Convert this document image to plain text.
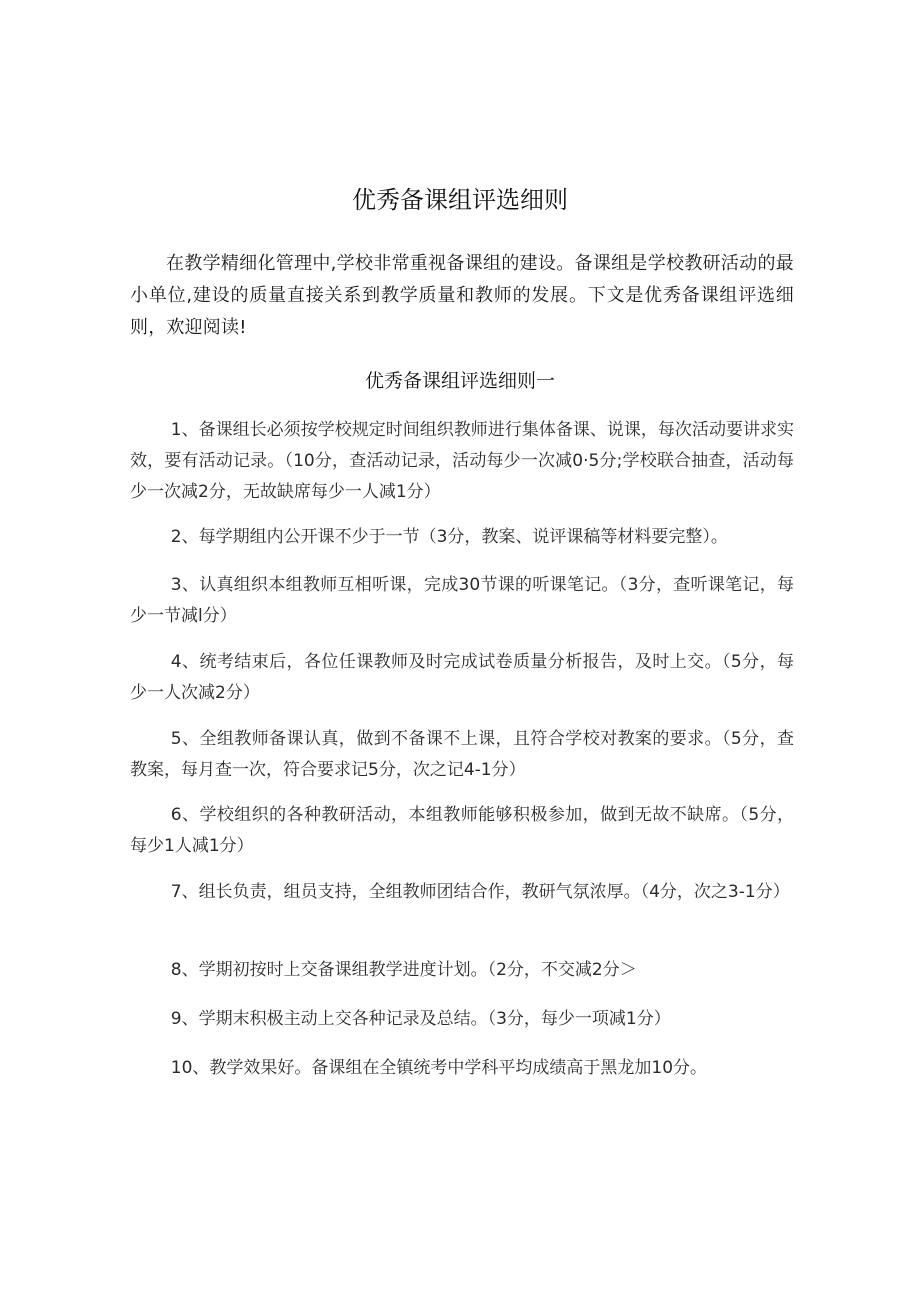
优秀备课组评选细则

在教学精细化管理中,学校非常重视备课组的建设。备课组是学校教研活动的最小单位,建设的质量直接关系到教学质量和教师的发展。下文是优秀备课组评选细则，欢迎阅读!

优秀备课组评选细则一

1、备课组长必须按学校规定时间组织教师进行集体备课、说课，每次活动要讲求实效，要有活动记录。（10分，查活动记录，活动每少一次减0·5分;学校联合抽查，活动每少一次减2分，无故缺席每少一人减1分）

2、每学期组内公开课不少于一节（3分，教案、说评课稿等材料要完整）。

3、认真组织本组教师互相听课，完成30节课的听课笔记。（3分，查听课笔记，每少一节减l分）

4、统考结束后，各位任课教师及时完成试卷质量分析报告，及时上交。（5分，每少一人次减2分）

5、全组教师备课认真，做到不备课不上课，且符合学校对教案的要求。（5分，查教案，每月查一次，符合要求记5分，次之记4-1分）

6、学校组织的各种教研活动，本组教师能够积极参加，做到无故不缺席。（5分，每少1人减1分）

7、组长负责，组员支持，全组教师团结合作，教研气氛浓厚。（4分，次之3-1分）

8、学期初按时上交备课组教学进度计划。（2分，不交减2分＞

9、学期末积极主动上交各种记录及总结。（3分，每少一项减1分）

10、教学效果好。备课组在全镇统考中学科平均成绩高于黑龙加10分。
